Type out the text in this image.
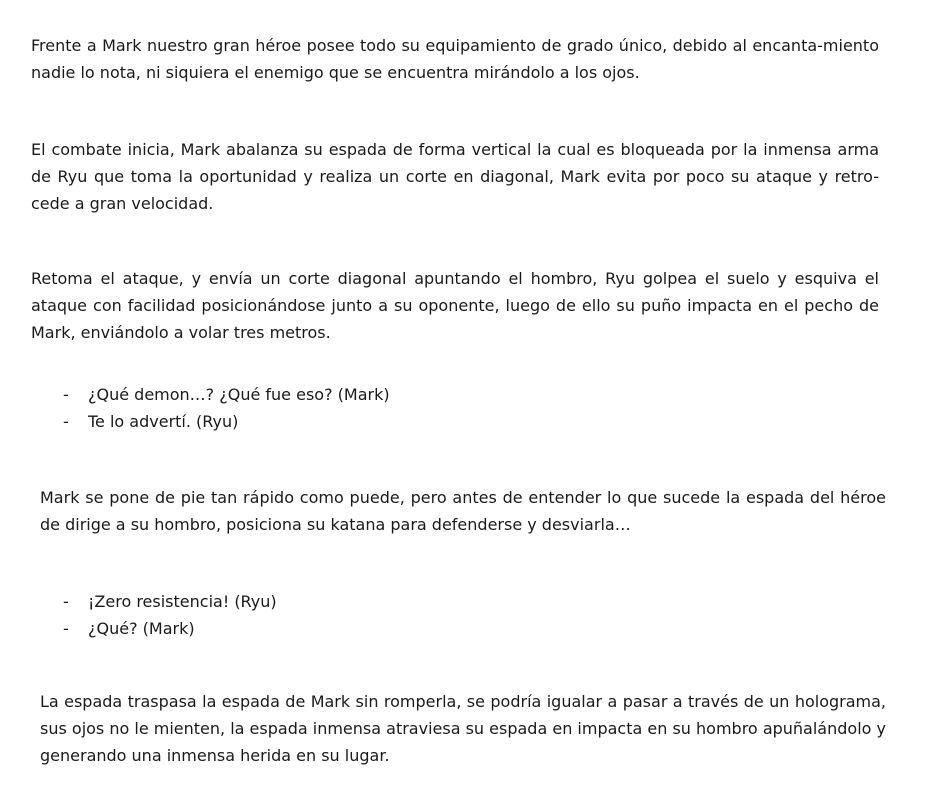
Frente a Mark nuestro gran héroe posee todo su equipamiento de grado único, debido al encanta-miento nadie lo nota, ni siquiera el enemigo que se encuentra mirándolo a los ojos.

El combate inicia, Mark abalanza su espada de forma vertical la cual es bloqueada por la inmensa arma de Ryu que toma la oportunidad y realiza un corte en diagonal, Mark evita por poco su ataque y retro-cede a gran velocidad.

Retoma el ataque, y envía un corte diagonal apuntando el hombro, Ryu golpea el suelo y esquiva el ataque con facilidad posicionándose junto a su oponente, luego de ello su puño impacta en el pecho de Mark, enviándolo a volar tres metros.

- ¿Qué demon…? ¿Qué fue eso? (Mark)
- Te lo advertí. (Ryu)

Mark se pone de pie tan rápido como puede, pero antes de entender lo que sucede la espada del héroe de dirige a su hombro, posiciona su katana para defenderse y desviarla…

- ¡Zero resistencia! (Ryu)
- ¿Qué? (Mark)

La espada traspasa la espada de Mark sin romperla, se podría igualar a pasar a través de un holograma, sus ojos no le mienten, la espada inmensa atraviesa su espada en impacta en su hombro apuñalándolo y generando una inmensa herida en su lugar.
